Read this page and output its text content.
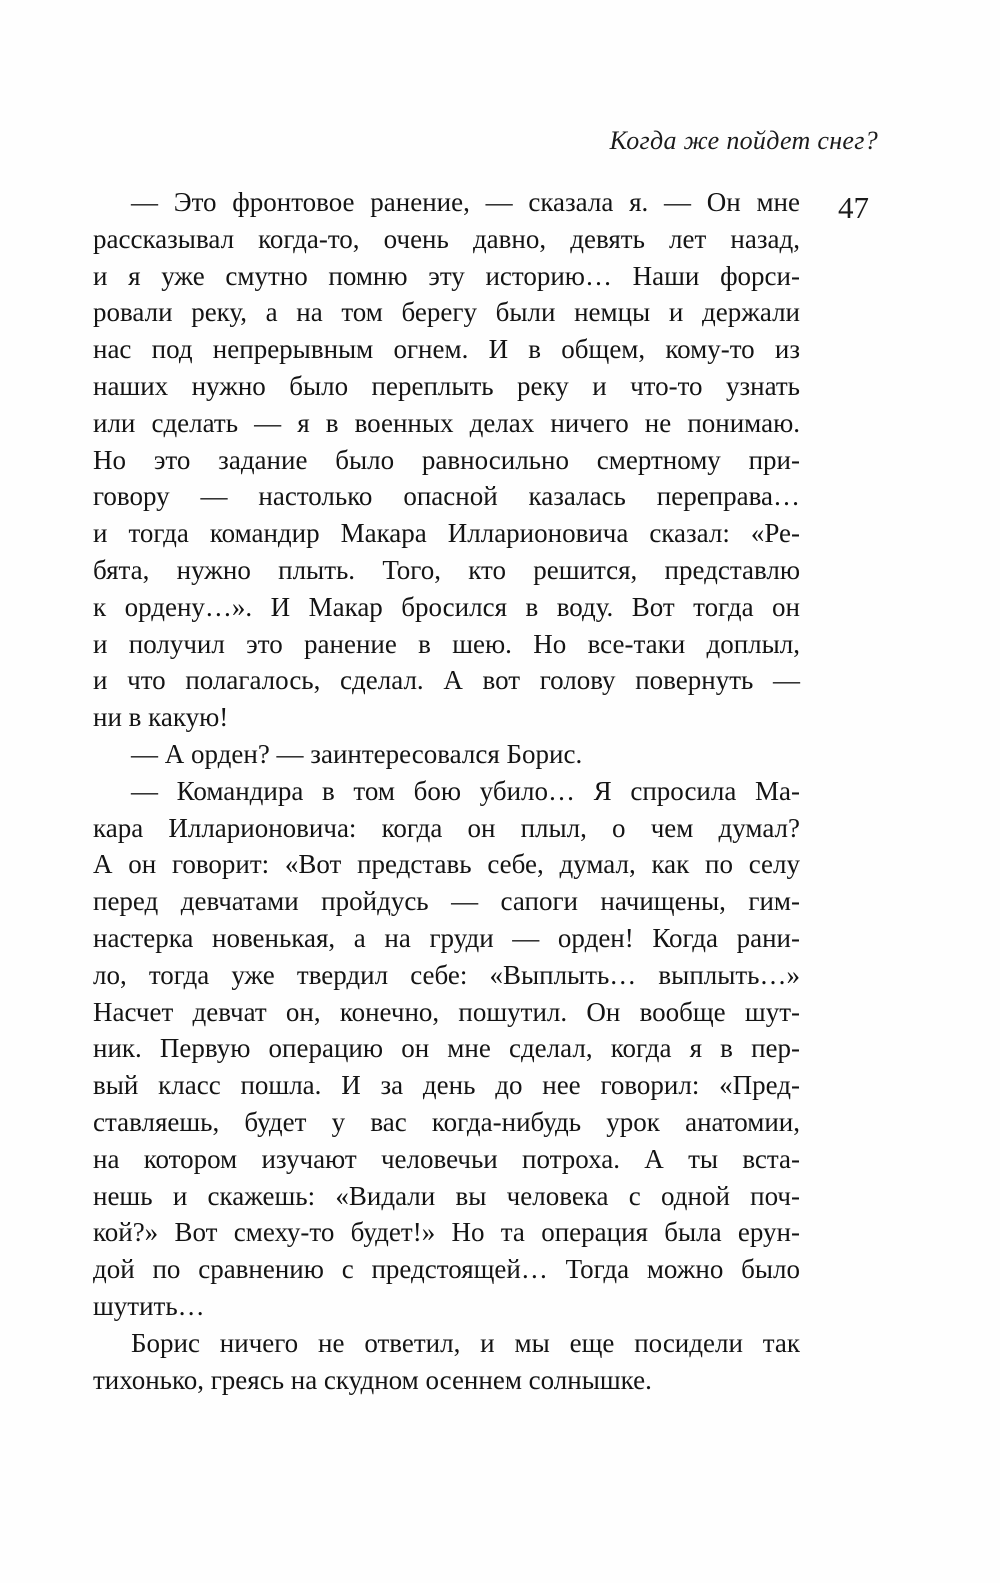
Когда же пойдет снег?
47
— Это фронтовое ранение, — сказала я. — Он мне
рассказывал когда-то, очень давно, девять лет назад,
и я уже смутно помню эту историю… Наши форси-
ровали реку, а на том берегу были немцы и держали
нас под непрерывным огнем. И в общем, кому-то из
наших нужно было переплыть реку и что-то узнать
или сделать — я в военных делах ничего не понимаю.
Но это задание было равносильно смертному при-
говору — настолько опасной казалась переправа…
и тогда командир Макара Илларионовича сказал: «Ре-
бята, нужно плыть. Того, кто решится, представлю
к ордену…». И Макар бросился в воду. Вот тогда он
и получил это ранение в шею. Но все-таки доплыл,
и что полагалось, сделал. А вот голову повернуть —
ни в какую!
— А орден? — заинтересовался Борис.
— Командира в том бою убило… Я спросила Ма-
кара Илларионовича: когда он плыл, о чем думал?
А он говорит: «Вот представь себе, думал, как по селу
перед девчатами пройдусь — сапоги начищены, гим-
настерка новенькая, а на груди — орден! Когда рани-
ло, тогда уже твердил себе: «Выплыть… выплыть…»
Насчет девчат он, конечно, пошутил. Он вообще шут-
ник. Первую операцию он мне сделал, когда я в пер-
вый класс пошла. И за день до нее говорил: «Пред-
ставляешь, будет у вас когда-нибудь урок анатомии,
на котором изучают человечьи потроха. А ты вста-
нешь и скажешь: «Видали вы человека с одной поч-
кой?» Вот смеху-то будет!» Но та операция была ерун-
дой по сравнению с предстоящей… Тогда можно было
шутить…
Борис ничего не ответил, и мы еще посидели так
тихонько, греясь на скудном осеннем солнышке.
